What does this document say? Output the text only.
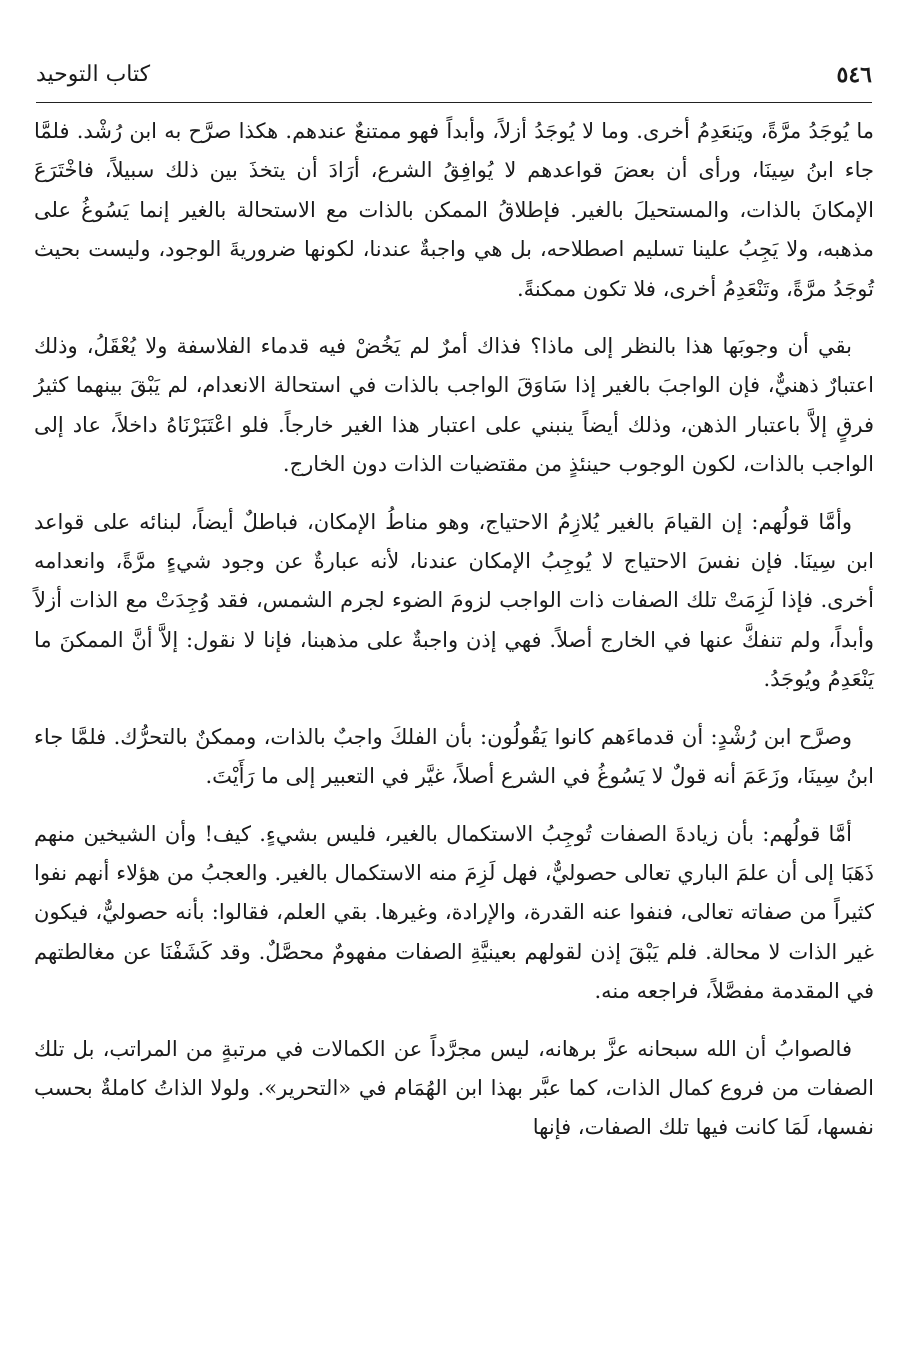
٥٤٦
كتاب التوحيد

ما يُوجَدُ مرَّةً، ويَنعَدِمُ أخرى. وما لا يُوجَدُ أزلاً، وأبداً فهو ممتنعٌ عندهم. هكذا صرَّح به ابن رُشْد. فلمَّا جاء ابنُ سِينَا، ورأى أن بعضَ قواعدهم لا يُوافِقُ الشرع، أرَادَ أن يتخذَ بين ذلك سبيلاً، فاخْتَرَعَ الإمكانَ بالذات، والمستحيلَ بالغير. فإطلاقُ الممكن بالذات مع الاستحالة بالغير إنما يَسُوغُ على مذهبه، ولا يَجِبُ علينا تسليم اصطلاحه، بل هي واجبةٌ عندنا، لكونها ضروريةَ الوجود، وليست بحيث تُوجَدُ مرَّةً، وتَنْعَدِمُ أخرى، فلا تكون ممكنةً.

بقي أن وجوبَها هذا بالنظر إلى ماذا؟ فذاك أمرٌ لم يَخُضْ فيه قدماء الفلاسفة ولا يُعْقَلُ، وذلك اعتبارٌ ذهنيٌّ، فإن الواجبَ بالغير إذا سَاوَقَ الواجب بالذات في استحالة الانعدام، لم يَبْقَ بينهما كثيرُ فرقٍ إلاَّ باعتبار الذهن، وذلك أيضاً ينبني على اعتبار هذا الغير خارجاً. فلو اعْتَبَرْنَاهُ داخلاً، عاد إلى الواجب بالذات، لكون الوجوب حينئذٍ من مقتضيات الذات دون الخارج.

وأمَّا قولُهم: إن القيامَ بالغير يُلازِمُ الاحتياج، وهو مناطُ الإمكان، فباطلٌ أيضاً، لبنائه على قواعد ابن سِينَا. فإن نفسَ الاحتياج لا يُوجِبُ الإمكان عندنا، لأنه عبارةٌ عن وجود شيءٍ مرَّةً، وانعدامه أخرى. فإذا لَزِمَتْ تلك الصفات ذات الواجب لزومَ الضوء لجرم الشمس، فقد وُجِدَتْ مع الذات أزلاً وأبداً، ولم تنفكَّ عنها في الخارج أصلاً. فهي إذن واجبةٌ على مذهبنا، فإنا لا نقول: إلاَّ أنَّ الممكنَ ما يَنْعَدِمُ ويُوجَدُ.

وصرَّح ابن رُشْدٍ: أن قدماءَهم كانوا يَقُولُون: بأن الفلكَ واجبٌ بالذات، وممكنٌ بالتحرُّك. فلمَّا جاء ابنُ سِينَا، وزَعَمَ أنه قولٌ لا يَسُوغُ في الشرع أصلاً، غيَّر في التعبير إلى ما رَأَيْتَ.

أمَّا قولُهم: بأن زيادةَ الصفات تُوجِبُ الاستكمال بالغير، فليس بشيءٍ. كيف! وأن الشيخين منهم ذَهَبَا إلى أن علمَ الباري تعالى حصوليٌّ، فهل لَزِمَ منه الاستكمال بالغير. والعجبُ من هؤلاء أنهم نفوا كثيراً من صفاته تعالى، فنفوا عنه القدرة، والإرادة، وغيرها. بقي العلم، فقالوا: بأنه حصوليٌّ، فيكون غير الذات لا محالة. فلم يَبْقَ إذن لقولهم بعينيَّةِ الصفات مفهومٌ محصَّلٌ. وقد كَشَفْنَا عن مغالطتهم في المقدمة مفصَّلاً، فراجعه منه.

فالصوابُ أن الله سبحانه عزَّ برهانه، ليس مجرَّداً عن الكمالات في مرتبةٍ من المراتب، بل تلك الصفات من فروع كمال الذات، كما عبَّر بهذا ابن الهُمَام في «التحرير». ولولا الذاتُ كاملةٌ بحسب نفسها، لَمَا كانت فيها تلك الصفات، فإنها
